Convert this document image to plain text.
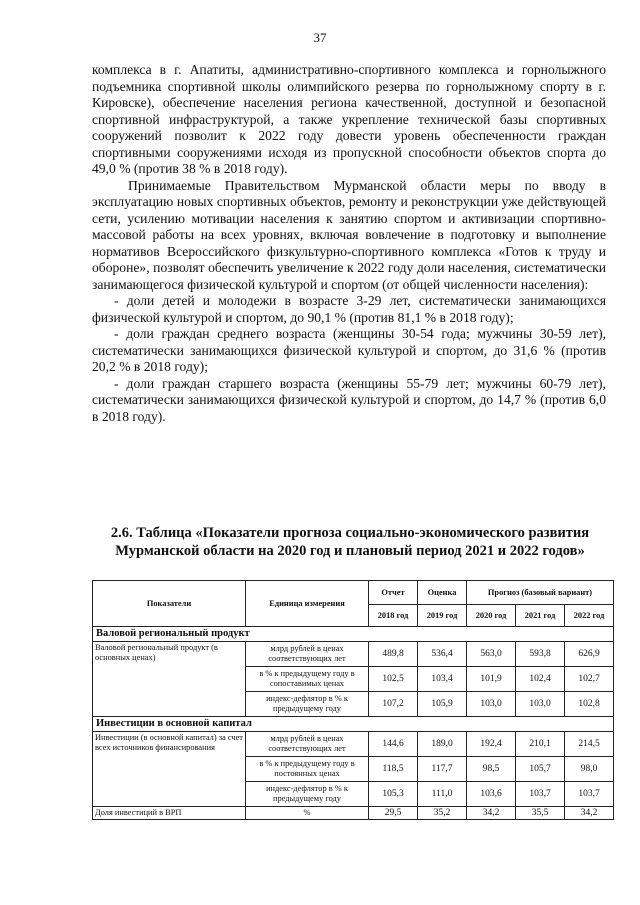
37

комплекса в г. Апатиты, административно-спортивного комплекса и горнолыжного подъемника спортивной школы олимпийского резерва по горнолыжному спорту в г. Кировске), обеспечение населения региона качественной, доступной и безопасной спортивной инфраструктурой, а также укрепление технической базы спортивных сооружений позволит к 2022 году довести уровень обеспеченности граждан спортивными сооружениями исходя из пропускной способности объектов спорта до 49,0 % (против 38 % в 2018 году).

Принимаемые Правительством Мурманской области меры по вводу в эксплуатацию новых спортивных объектов, ремонту и реконструкции уже действующей сети, усилению мотивации населения к занятию спортом и активизации спортивно-массовой работы на всех уровнях, включая вовлечение в подготовку и выполнение нормативов Всероссийского физкультурно-спортивного комплекса «Готов к труду и обороне», позволят обеспечить увеличение к 2022 году доли населения, систематически занимающегося физической культурой и спортом (от общей численности населения):

- доли детей и молодежи в возрасте 3-29 лет, систематически занимающихся физической культурой и спортом, до 90,1 % (против 81,1 % в 2018 году);

- доли граждан среднего возраста (женщины 30-54 года; мужчины 30-59 лет), систематически занимающихся физической культурой и спортом, до 31,6 % (против 20,2 % в 2018 году);

- доли граждан старшего возраста (женщины 55-79 лет; мужчины 60-79 лет), систематически занимающихся физической культурой и спортом, до 14,7 % (против 6,0 в 2018 году).

2.6. Таблица «Показатели прогноза социально-экономического развития Мурманской области на 2020 год и плановый период 2021 и 2022 годов»
Показатели	Единица измерения	Отчет	Оценка	Прогноз (базовый вариант)		
		2018 год	2019 год	2020 год	2021 год	2022 год
Валовой региональный продукт						
Валовой региональный продукт (в основных ценах)	млрд рублей в ценах соответствующих лет	489,8	536,4	563,0	593,8	626,9
	в % к предыдущему году в сопоставимых ценах	102,5	103,4	101,9	102,4	102,7
	индекс-дефлятор в % к предыдущему году	107,2	105,9	103,0	103,0	102,8
Инвестиции в основной капитал						
Инвестиции (в основной капитал) за счет всех источников финансирования	млрд рублей в ценах соответствующих лет	144,6	189,0	192,4	210,1	214,5
	в % к предыдущему году в постоянных ценах	118,5	117,7	98,5	105,7	98,0
	индекс-дефлятор в % к предыдущему году	105,3	111,0	103,6	103,7	103,7
Доля инвестиций в ВРП	%	29,5	35,2	34,2	35,5	34,2
